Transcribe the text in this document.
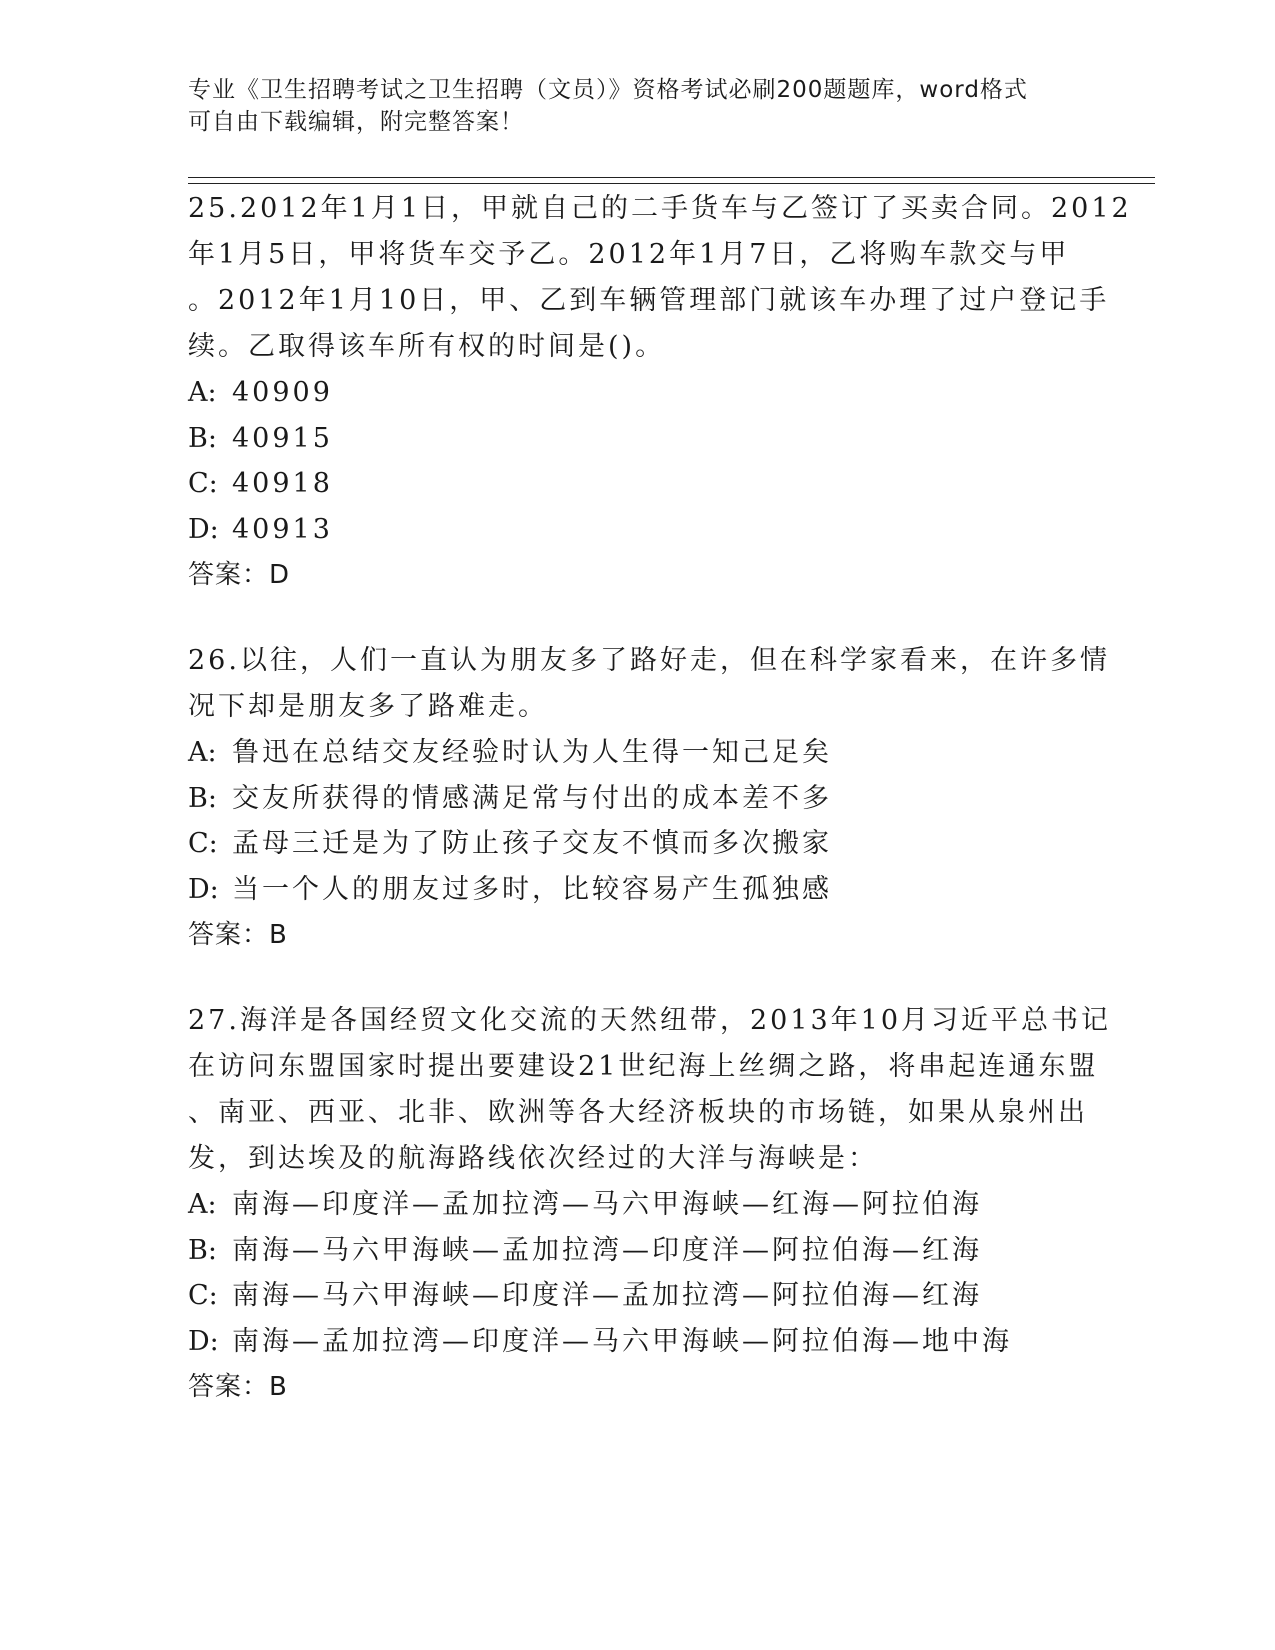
专业《卫生招聘考试之卫生招聘（文员）》资格考试必刷200题题库，word格式
可自由下载编辑，附完整答案！
25.2012年1月1日，甲就自己的二手货车与乙签订了买卖合同。2012
年1月5日，甲将货车交予乙。2012年1月7日，乙将购车款交与甲
。2012年1月10日，甲、乙到车辆管理部门就该车办理了过户登记手
续。乙取得该车所有权的时间是()。
A: 40909
B: 40915
C: 40918
D: 40913
答案：D
26.以往，人们一直认为朋友多了路好走，但在科学家看来，在许多情
况下却是朋友多了路难走。
A: 鲁迅在总结交友经验时认为人生得一知己足矣
B: 交友所获得的情感满足常与付出的成本差不多
C: 孟母三迁是为了防止孩子交友不慎而多次搬家
D: 当一个人的朋友过多时，比较容易产生孤独感
答案：B
27.海洋是各国经贸文化交流的天然纽带，2013年10月习近平总书记
在访问东盟国家时提出要建设21世纪海上丝绸之路，将串起连通东盟
、南亚、西亚、北非、欧洲等各大经济板块的市场链，如果从泉州出
发，到达埃及的航海路线依次经过的大洋与海峡是：
A: 南海—印度洋—孟加拉湾—马六甲海峡—红海—阿拉伯海
B: 南海—马六甲海峡—孟加拉湾—印度洋—阿拉伯海—红海
C: 南海—马六甲海峡—印度洋—孟加拉湾—阿拉伯海—红海
D: 南海—孟加拉湾—印度洋—马六甲海峡—阿拉伯海—地中海
答案：B
